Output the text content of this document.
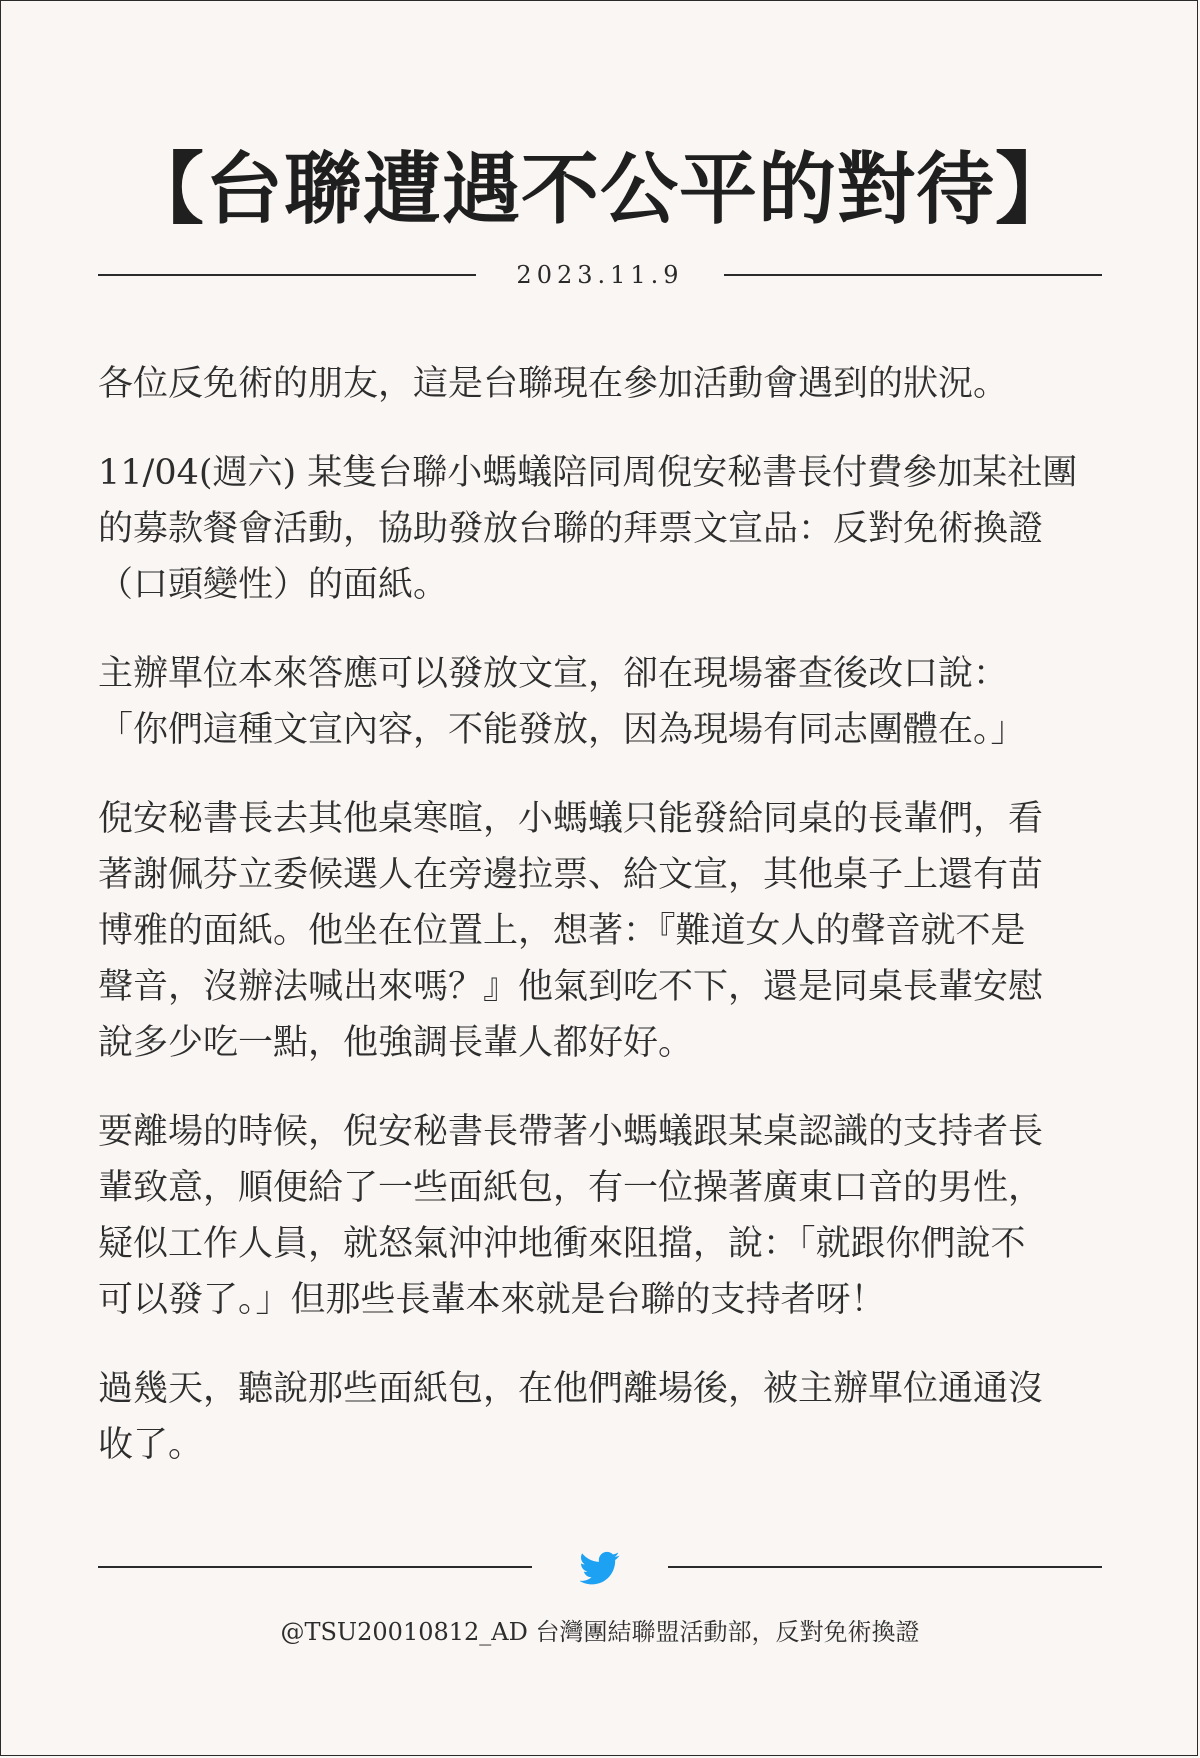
【台聯遭遇不公平的對待】
2023.11.9

各位反免術的朋友，這是台聯現在參加活動會遇到的狀況。

11/04(週六) 某隻台聯小螞蟻陪同周倪安秘書長付費參加某社團
的募款餐會活動，協助發放台聯的拜票文宣品：反對免術換證
（口頭變性）的面紙。

主辦單位本來答應可以發放文宣，卻在現場審查後改口說：
「你們這種文宣內容，不能發放，因為現場有同志團體在。」

倪安秘書長去其他桌寒暄，小螞蟻只能發給同桌的長輩們，看
著謝佩芬立委候選人在旁邊拉票、給文宣，其他桌子上還有苗
博雅的面紙。他坐在位置上，想著：『難道女人的聲音就不是
聲音，沒辦法喊出來嗎？』他氣到吃不下，還是同桌長輩安慰
說多少吃一點，他強調長輩人都好好。

要離場的時候，倪安秘書長帶著小螞蟻跟某桌認識的支持者長
輩致意，順便給了一些面紙包，有一位操著廣東口音的男性，
疑似工作人員，就怒氣沖沖地衝來阻擋，說：「就跟你們說不
可以發了。」但那些長輩本來就是台聯的支持者呀！

過幾天，聽說那些面紙包，在他們離場後，被主辦單位通通沒
收了。

@TSU20010812_AD 台灣團結聯盟活動部，反對免術換證
